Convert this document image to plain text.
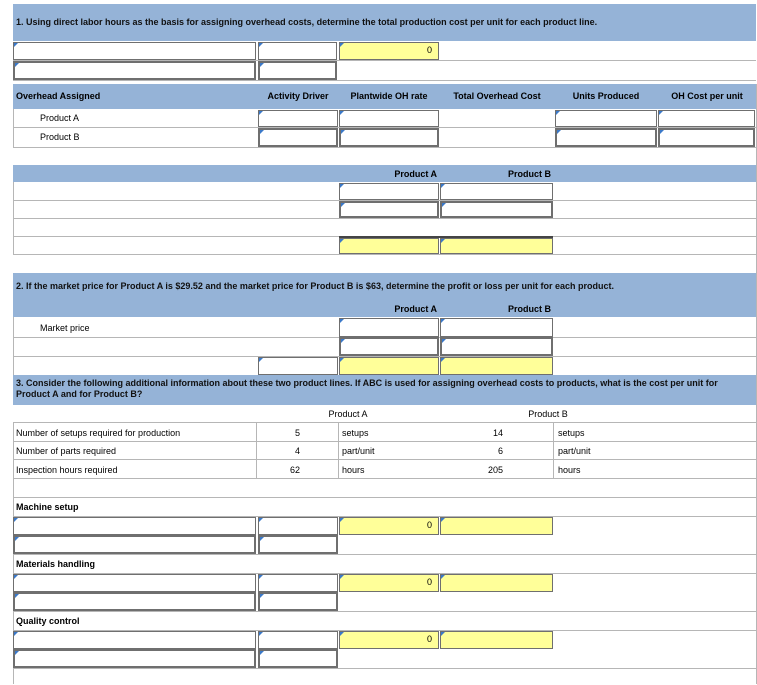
1. Using direct labor hours as the basis for assigning overhead costs, determine the total production cost per unit for each product line.
0
Overhead Assigned	Activity Driver	Plantwide OH rate	Total Overhead Cost	Units Produced	OH Cost per unit
Product A
Product B
Product A	Product B
2. If the market price for Product A is $29.52 and the market price for Product B is $63, determine the profit or loss per unit for each product.
Product A	Product B
Market price
3. Consider the following additional information about these two product lines. If ABC is used for assigning overhead costs to products, what is the cost per unit for Product A and for Product B?
Product A	Product B
Number of setups required for production	5	setups	14	setups
Number of parts required	4	part/unit	6	part/unit
Inspection hours required	62	hours	205	hours
Machine setup
0
Materials handling
0
Quality control
0
